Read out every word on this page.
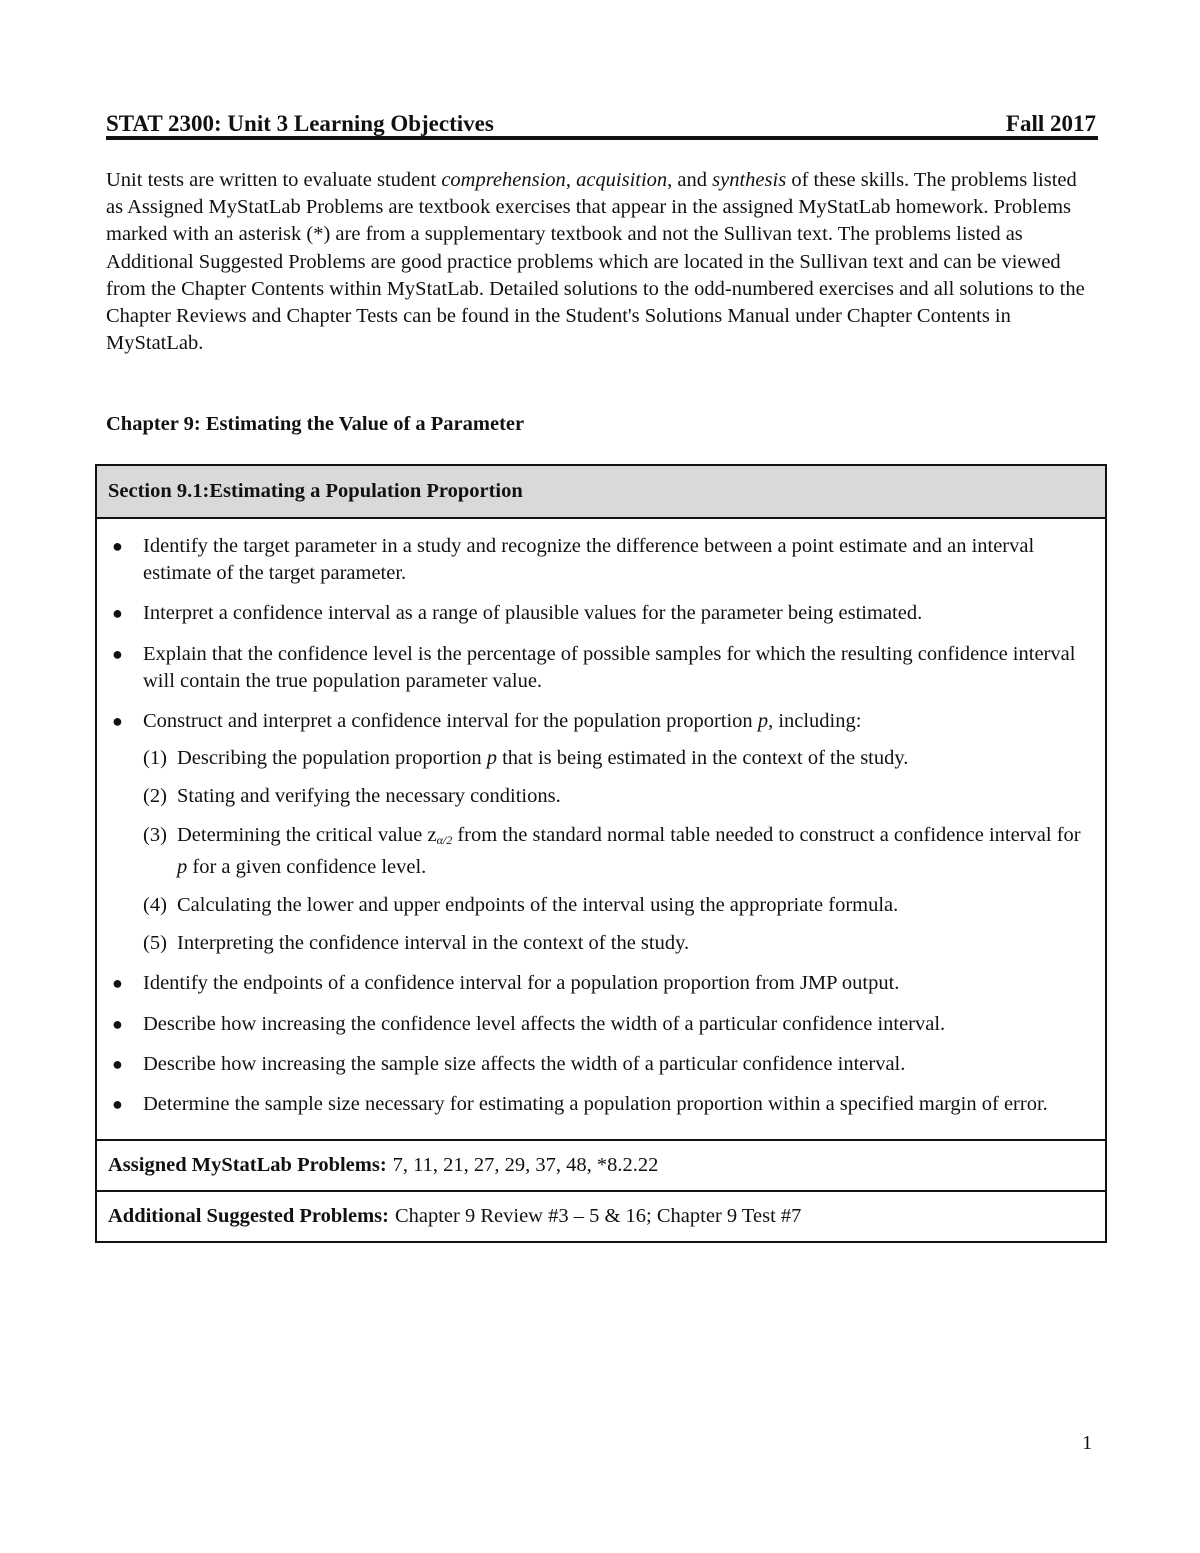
STAT 2300: Unit 3 Learning Objectives	Fall 2017

Unit tests are written to evaluate student comprehension, acquisition, and synthesis of these skills. The problems listed as Assigned MyStatLab Problems are textbook exercises that appear in the assigned MyStatLab homework. Problems marked with an asterisk (*) are from a supplementary textbook and not the Sullivan text. The problems listed as Additional Suggested Problems are good practice problems which are located in the Sullivan text and can be viewed from the Chapter Contents within MyStatLab. Detailed solutions to the odd-numbered exercises and all solutions to the Chapter Reviews and Chapter Tests can be found in the Student's Solutions Manual under Chapter Contents in MyStatLab.

Chapter 9: Estimating the Value of a Parameter

Section 9.1: Estimating a Population Proportion
● Identify the target parameter in a study and recognize the difference between a point estimate and an interval estimate of the target parameter.
● Interpret a confidence interval as a range of plausible values for the parameter being estimated.
● Explain that the confidence level is the percentage of possible samples for which the resulting confidence interval will contain the true population parameter value.
● Construct and interpret a confidence interval for the population proportion p, including:
(1) Describing the population proportion p that is being estimated in the context of the study.
(2) Stating and verifying the necessary conditions.
(3) Determining the critical value $z_{\alpha/2}$ from the standard normal table needed to construct a confidence interval for p for a given confidence level.
(4) Calculating the lower and upper endpoints of the interval using the appropriate formula.
(5) Interpreting the confidence interval in the context of the study.
● Identify the endpoints of a confidence interval for a population proportion from JMP output.
● Describe how increasing the confidence level affects the width of a particular confidence interval.
● Describe how increasing the sample size affects the width of a particular confidence interval.
● Determine the sample size necessary for estimating a population proportion within a specified margin of error.
Assigned MyStatLab Problems: 7, 11, 21, 27, 29, 37, 48, *8.2.22
Additional Suggested Problems: Chapter 9 Review #3 – 5 & 16; Chapter 9 Test #7
1
